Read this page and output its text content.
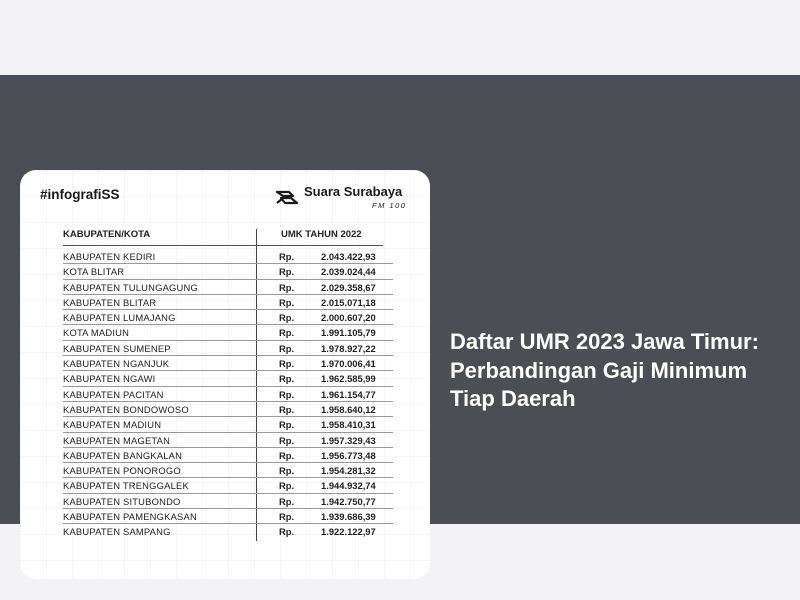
#infografiSS	Suara Surabaya
FM 100
KABUPATEN/KOTA	UMK TAHUN 2022
KABUPATEN KEDIRI	Rp.	2.043.422,93
KOTA BLITAR	Rp.	2.039.024,44
KABUPATEN TULUNGAGUNG	Rp.	2.029.358,67
KABUPATEN BLITAR	Rp.	2.015.071,18
KABUPATEN LUMAJANG	Rp.	2.000.607,20
KOTA MADIUN	Rp.	1.991.105,79
KABUPATEN SUMENEP	Rp.	1.978.927,22
KABUPATEN NGANJUK	Rp.	1.970.006,41
KABUPATEN NGAWI	Rp.	1.962.585,99
KABUPATEN PACITAN	Rp.	1.961.154,77
KABUPATEN BONDOWOSO	Rp.	1.958.640,12
KABUPATEN MADIUN	Rp.	1.958.410,31
KABUPATEN MAGETAN	Rp.	1.957.329,43
KABUPATEN BANGKALAN	Rp.	1.956.773,48
KABUPATEN PONOROGO	Rp.	1.954.281,32
KABUPATEN TRENGGALEK	Rp.	1.944.932,74
KABUPATEN SITUBONDO	Rp.	1.942.750,77
KABUPATEN PAMENGKASAN	Rp.	1.939.686,39
KABUPATEN SAMPANG	Rp.	1.922.122,97
Daftar UMR 2023 Jawa Timur: Perbandingan Gaji Minimum Tiap Daerah
